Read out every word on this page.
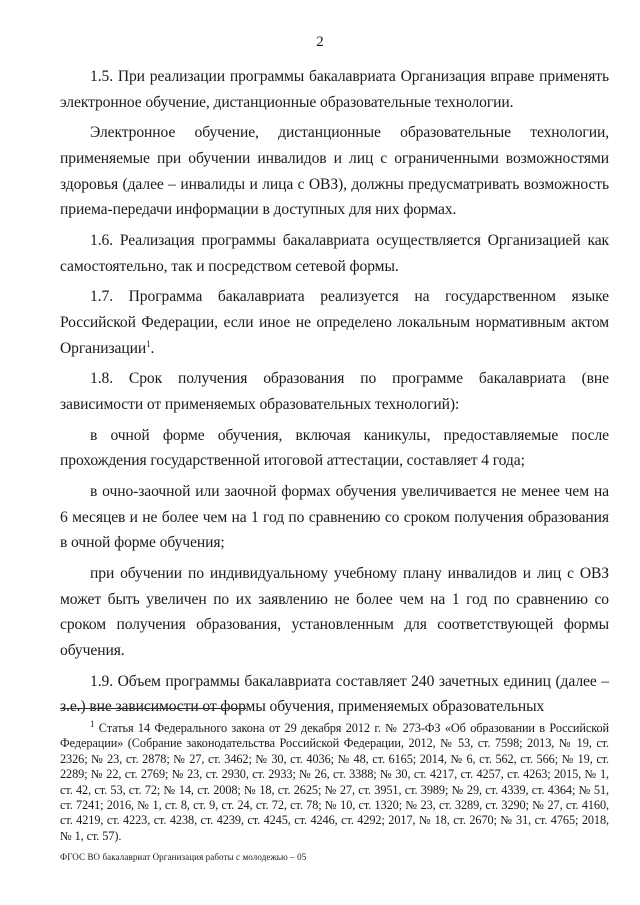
2

1.5. При реализации программы бакалавриата Организация вправе применять электронное обучение, дистанционные образовательные технологии.

Электронное обучение, дистанционные образовательные технологии, применяемые при обучении инвалидов и лиц с ограниченными возможностями здоровья (далее – инвалиды и лица с ОВЗ), должны предусматривать возможность приема-передачи информации в доступных для них формах.

1.6. Реализация программы бакалавриата осуществляется Организацией как самостоятельно, так и посредством сетевой формы.

1.7. Программа бакалавриата реализуется на государственном языке Российской Федерации, если иное не определено локальным нормативным актом Организации$^1$.

1.8. Срок получения образования по программе бакалавриата (вне зависимости от применяемых образовательных технологий):

в очной форме обучения, включая каникулы, предоставляемые после прохождения государственной итоговой аттестации, составляет 4 года;

в очно-заочной или заочной формах обучения увеличивается не менее чем на 6 месяцев и не более чем на 1 год по сравнению со сроком получения образования в очной форме обучения;

при обучении по индивидуальному учебному плану инвалидов и лиц с ОВЗ может быть увеличен по их заявлению не более чем на 1 год по сравнению со сроком получения образования, установленным для соответствующей формы обучения.

1.9. Объем программы бакалавриата составляет 240 зачетных единиц (далее – з.е.) вне зависимости от формы обучения, применяемых образовательных

$^1$ Статья 14 Федерального закона от 29 декабря 2012 г. № 273-ФЗ «Об образовании в Российской Федерации» (Собрание законодательства Российской Федерации, 2012, № 53, ст. 7598; 2013, № 19, ст. 2326; № 23, ст. 2878; № 27, ст. 3462; № 30, ст. 4036; № 48, ст. 6165; 2014, № 6, ст. 562, ст. 566; № 19, ст. 2289; № 22, ст. 2769; № 23, ст. 2930, ст. 2933; № 26, ст. 3388; № 30, ст. 4217, ст. 4257, ст. 4263; 2015, № 1, ст. 42, ст. 53, ст. 72; № 14, ст. 2008; № 18, ст. 2625; № 27, ст. 3951, ст. 3989; № 29, ст. 4339, ст. 4364; № 51, ст. 7241; 2016, № 1, ст. 8, ст. 9, ст. 24, ст. 72, ст. 78; № 10, ст. 1320; № 23, ст. 3289, ст. 3290; № 27, ст. 4160, ст. 4219, ст. 4223, ст. 4238, ст. 4239, ст. 4245, ст. 4246, ст. 4292; 2017, № 18, ст. 2670; № 31, ст. 4765; 2018, № 1, ст. 57).
ФГОС ВО бакалавриат Организация работы с молодежью – 05
